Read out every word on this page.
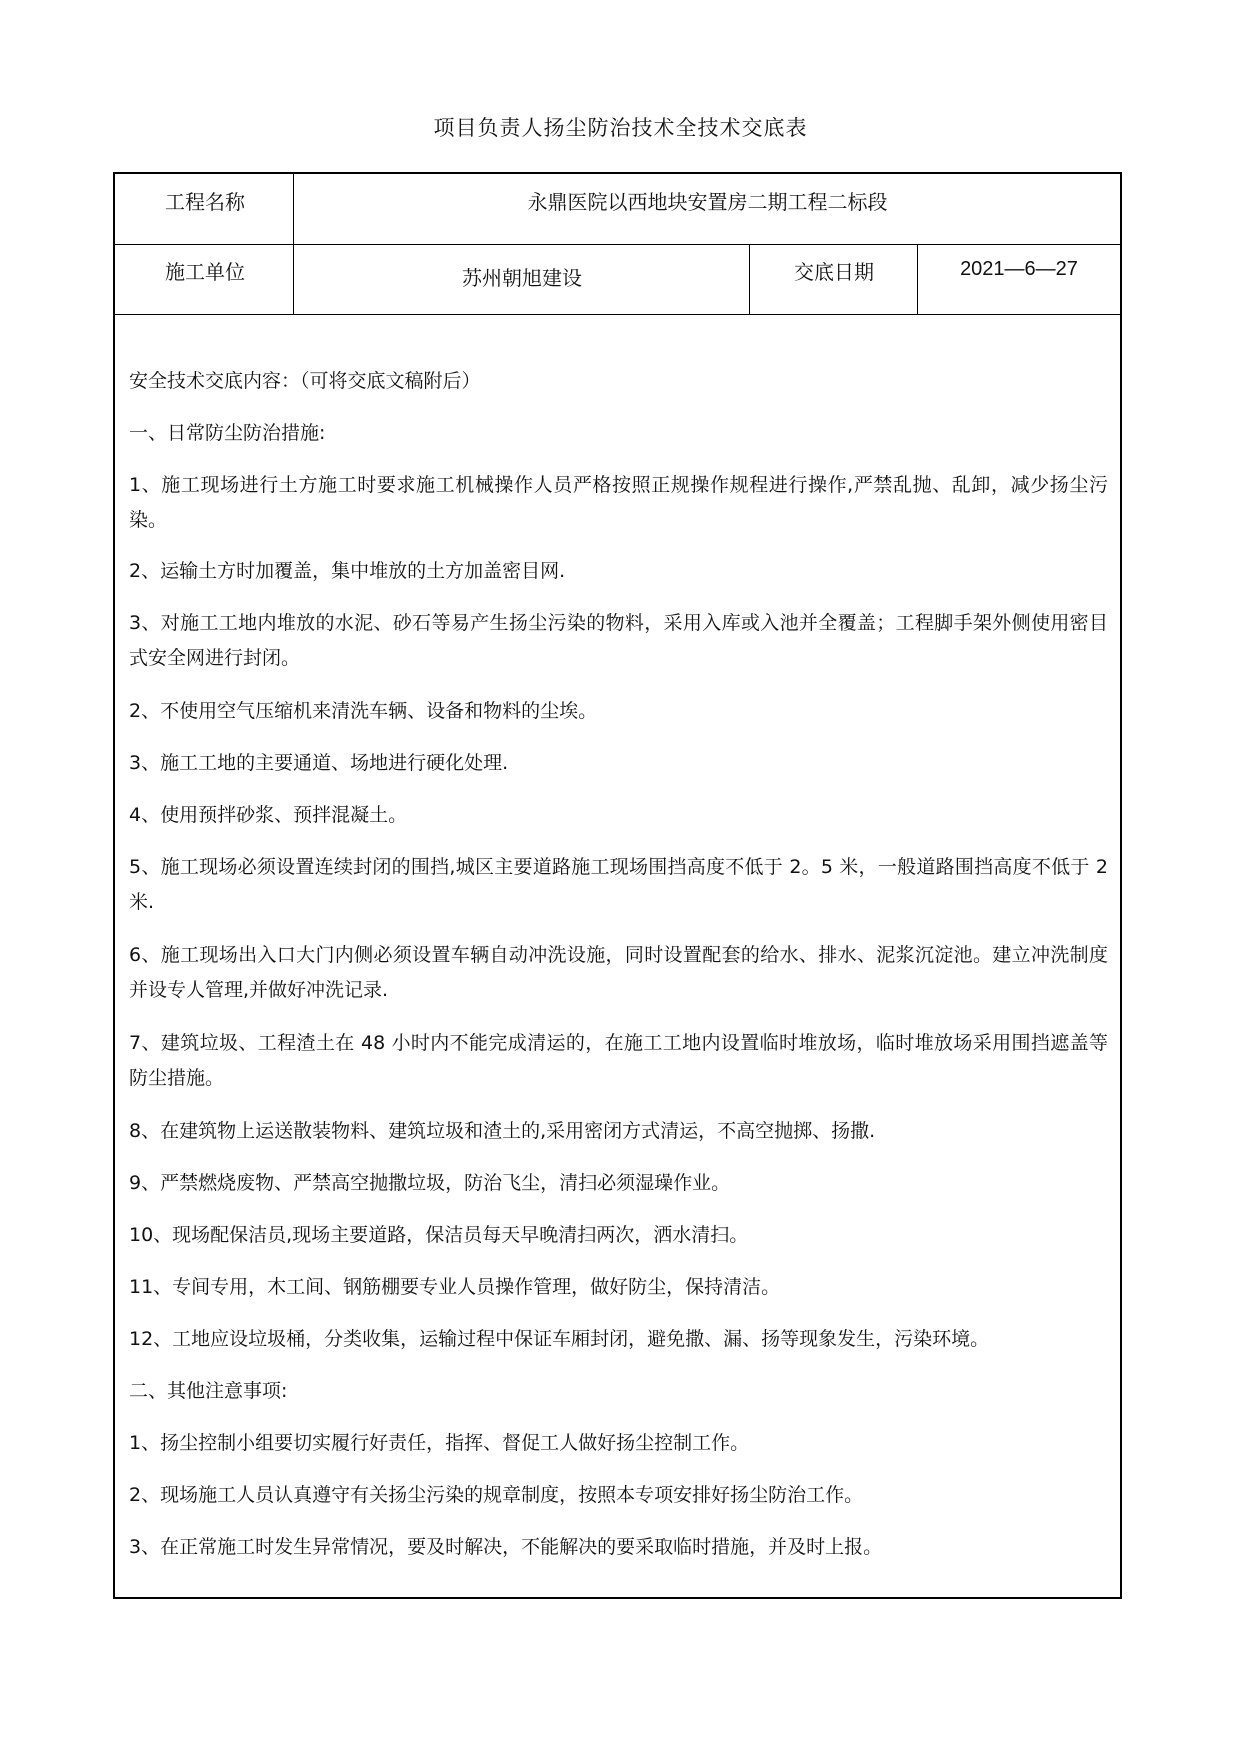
项目负责人扬尘防治技术全技术交底表
工程名称	永鼎医院以西地块安置房二期工程二标段
施工单位	苏州朝旭建设	交底日期	2021—6—27
安全技术交底内容：（可将交底文稿附后）
一、日常防尘防治措施:
1、施工现场进行土方施工时要求施工机械操作人员严格按照正规操作规程进行操作,严禁乱抛、乱卸，减少扬尘污染。
2、运输土方时加覆盖，集中堆放的土方加盖密目网.
3、对施工工地内堆放的水泥、砂石等易产生扬尘污染的物料，采用入库或入池并全覆盖；工程脚手架外侧使用密目式安全网进行封闭。
2、不使用空气压缩机来清洗车辆、设备和物料的尘埃。
3、施工工地的主要通道、场地进行硬化处理.
4、使用预拌砂浆、预拌混凝土。
5、施工现场必须设置连续封闭的围挡,城区主要道路施工现场围挡高度不低于 2。5 米，一般道路围挡高度不低于 2 米.
6、施工现场出入口大门内侧必须设置车辆自动冲洗设施，同时设置配套的给水、排水、泥浆沉淀池。建立冲洗制度并设专人管理,并做好冲洗记录.
7、建筑垃圾、工程渣土在 48 小时内不能完成清运的，在施工工地内设置临时堆放场，临时堆放场采用围挡遮盖等防尘措施。
8、在建筑物上运送散装物料、建筑垃圾和渣土的,采用密闭方式清运，不高空抛掷、扬撒.
9、严禁燃烧废物、严禁高空抛撒垃圾，防治飞尘，清扫必须湿璪作业。
10、现场配保洁员,现场主要道路，保洁员每天早晚清扫两次，洒水清扫。
11、专间专用，木工间、钢筋棚要专业人员操作管理，做好防尘，保持清洁。
12、工地应设垃圾桶，分类收集，运输过程中保证车厢封闭，避免撒、漏、扬等现象发生，污染环境。
二、其他注意事项:
1、扬尘控制小组要切实履行好责任，指挥、督促工人做好扬尘控制工作。
2、现场施工人员认真遵守有关扬尘污染的规章制度，按照本专项安排好扬尘防治工作。
3、在正常施工时发生异常情况，要及时解决，不能解决的要采取临时措施，并及时上报。
